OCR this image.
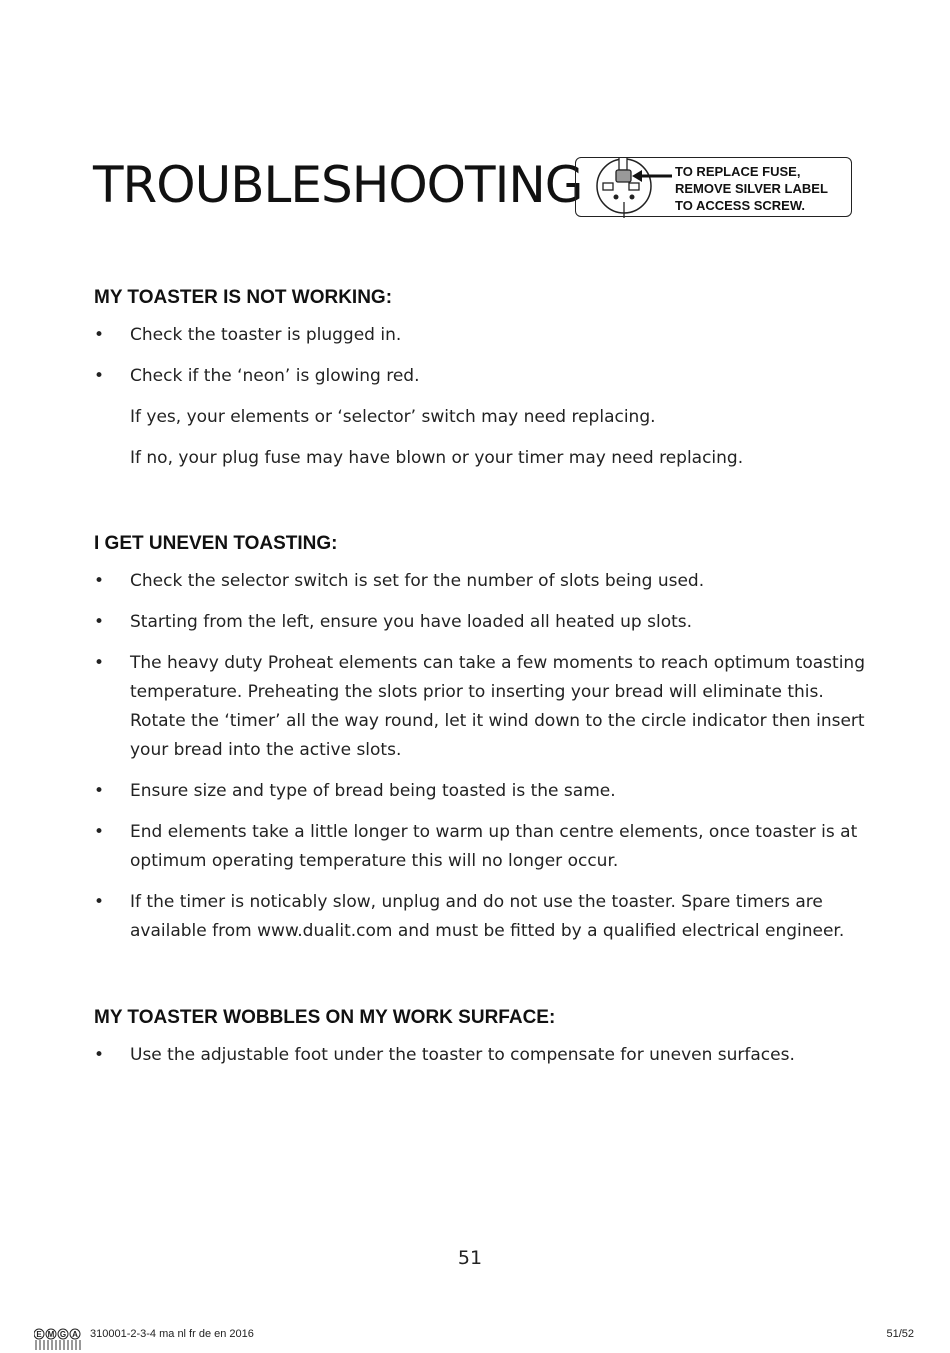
TROUBLESHOOTING	TO REPLACE FUSE,
REMOVE SILVER LABEL
TO ACCESS SCREW.
MY TOASTER IS NOT WORKING:
• Check the toaster is plugged in.
• Check if the ‘neon’ is glowing red.
If yes, your elements or ‘selector’ switch may need replacing.
If no, your plug fuse may have blown or your timer may need replacing.
I GET UNEVEN TOASTING:
• Check the selector switch is set for the number of slots being used.
• Starting from the left, ensure you have loaded all heated up slots.
• The heavy duty Proheat elements can take a few moments to reach optimum toasting temperature. Preheating the slots prior to inserting your bread will eliminate this. Rotate the ‘timer’ all the way round, let it wind down to the circle indicator then insert your bread into the active slots.
• Ensure size and type of bread being toasted is the same.
• End elements take a little longer to warm up than centre elements, once toaster is at optimum operating temperature this will no longer occur.
• If the timer is noticably slow, unplug and do not use the toaster. Spare timers are available from www.dualit.com and must be fitted by a qualified electrical engineer.
MY TOASTER WOBBLES ON MY WORK SURFACE:
• Use the adjustable foot under the toaster to compensate for uneven surfaces.
51
E M G A 310001-2-3-4 ma nl fr de en 2016	51/52
